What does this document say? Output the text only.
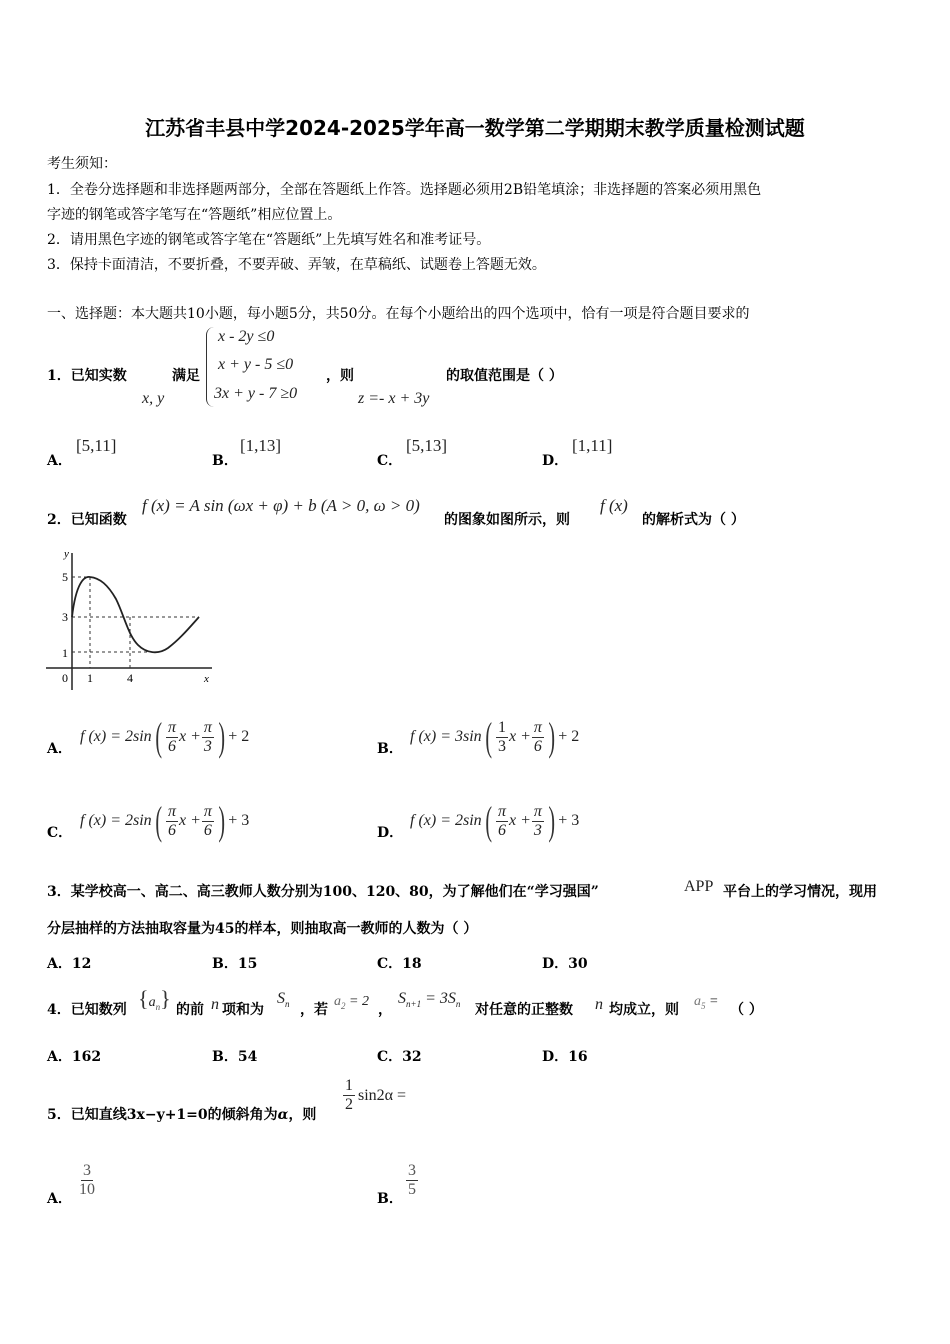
江苏省丰县中学2024-2025学年高一数学第二学期期末教学质量检测试题
考生须知：
1．全卷分选择题和非选择题两部分，全部在答题纸上作答。选择题必须用2B铅笔填涂；非选择题的答案必须用黑色
字迹的钢笔或答字笔写在“答题纸”相应位置上。
2．请用黑色字迹的钢笔或答字笔在“答题纸”上先填写姓名和准考证号。
3．保持卡面清洁，不要折叠，不要弄破、弄皱，在草稿纸、试题卷上答题无效。
一、选择题：本大题共10小题，每小题5分，共50分。在每个小题给出的四个选项中，恰有一项是符合题目要求的
1．已知实数	满足
x, y
x - 2y ≤0
x + y - 5 ≤0
3x + y - 7 ≥0
，则
z =- x + 3y
的取值范围是（ ）
A．
[5,11]
B．
[1,13]
C．
[5,13]
D．
[1,11]
2．已知函数
f (x) = A sin (ωx + φ) + b (A > 0, ω > 0)
的图象如图所示，则
f (x)
的解析式为（ ）
y
x
0
5
3
1
1	4
A．
f (x) = 2sin ( $\frac{\pi}{6}$ $x + \frac{\pi}{3}$ ) + 2
B．
f (x) = 3sin ( $\frac{1}{3}$ $x + \frac{\pi}{6}$ ) + 2
C．
f (x) = 2sin ( $\frac{\pi}{6}$ $x + \frac{\pi}{6}$ ) + 3
D．
f (x) = 2sin ( $\frac{\pi}{6}$ $x + \frac{\pi}{3}$ ) + 3
3．某学校高一、高二、高三教师人数分别为100、120、80，为了解他们在“学习强国”	APP 平台上的学习情况，现用
分层抽样的方法抽取容量为45的样本，则抽取高一教师的人数为（ ）
A．12	B．15	C．18	D．30
4．已知数列 $\{a_n\}$ 的前 n 项和为
$S_n$ ，若
$a_2 = 2$
，
$S_{n+1} = 3S_n$ 对任意的正整数 n 均成立，则
$a_5$ =
（ ）
A．162	B．54	C．32	D．16
5．已知直线3x−y+1=0的倾斜角为α，则
$\frac{1}{2} \sin 2\alpha$ =
A． $\frac{3}{10}$	B． $\frac{3}{5}$
